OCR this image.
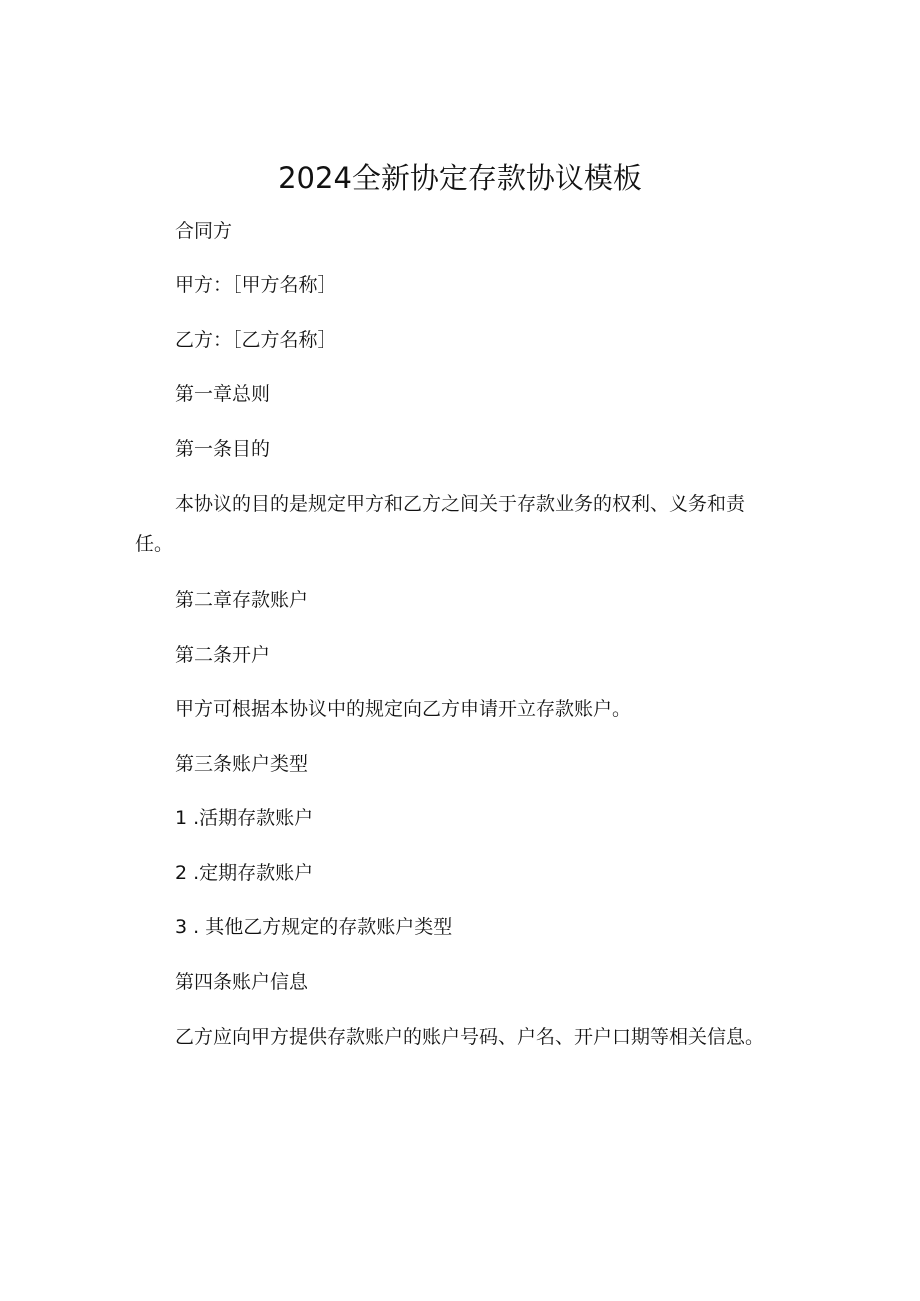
2024全新协定存款协议模板

合同方

甲方：［甲方名称］

乙方：［乙方名称］

第一章总则

第一条目的

本协议的目的是规定甲方和乙方之间关于存款业务的权利、义务和责任。

第二章存款账户

第二条开户

甲方可根据本协议中的规定向乙方申请开立存款账户。

第三条账户类型

1 .活期存款账户

2 .定期存款账户

3 . 其他乙方规定的存款账户类型

第四条账户信息

乙方应向甲方提供存款账户的账户号码、户名、开户口期等相关信息。
